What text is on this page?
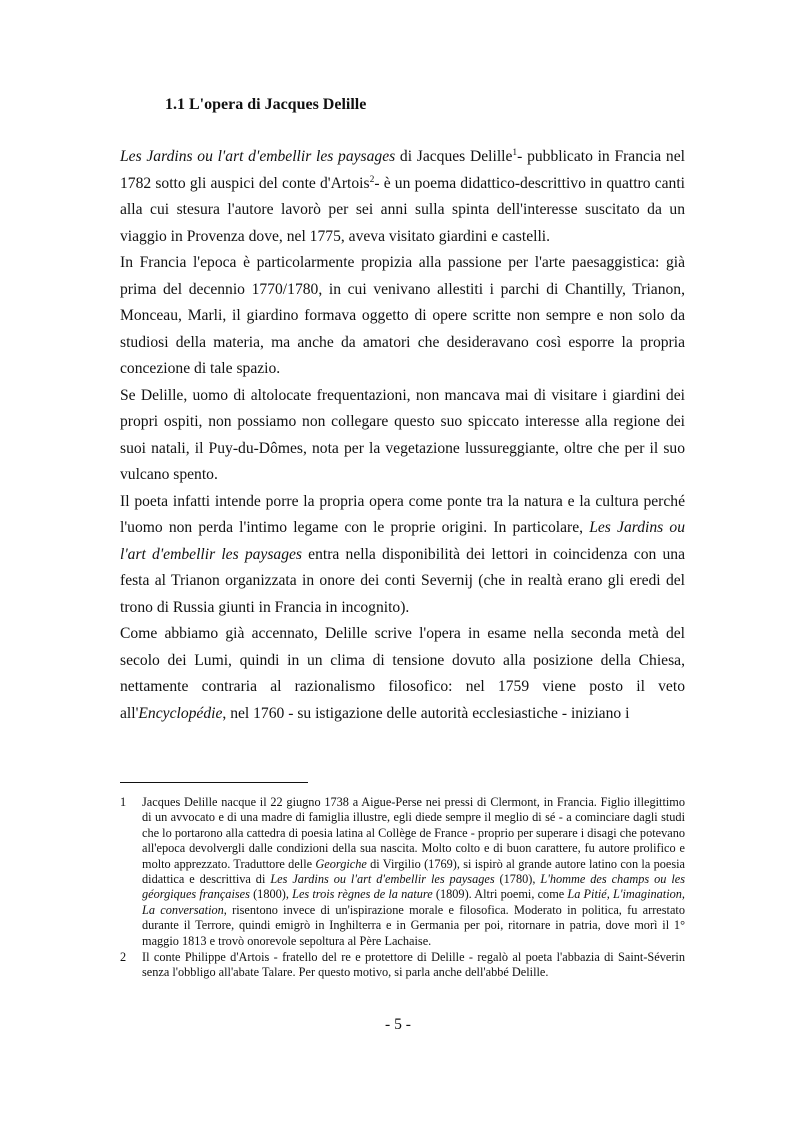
1.1 L'opera di Jacques Delille

Les Jardins ou l'art d'embellir les paysages di Jacques Delille$^1$- pubblicato in Francia nel 1782 sotto gli auspici del conte d'Artois$^2$- è un poema didattico-descrittivo in quattro canti alla cui stesura l'autore lavorò per sei anni sulla spinta dell'interesse suscitato da un viaggio in Provenza dove, nel 1775, aveva visitato giardini e castelli.

In Francia l'epoca è particolarmente propizia alla passione per l'arte paesaggistica: già prima del decennio 1770/1780, in cui venivano allestiti i parchi di Chantilly, Trianon, Monceau, Marli, il giardino formava oggetto di opere scritte non sempre e non solo da studiosi della materia, ma anche da amatori che desideravano così esporre la propria concezione di tale spazio.

Se Delille, uomo di altolocate frequentazioni, non mancava mai di visitare i giardini dei propri ospiti, non possiamo non collegare questo suo spiccato interesse alla regione dei suoi natali, il Puy-du-Dômes, nota per la vegetazione lussureggiante, oltre che per il suo vulcano spento.

Il poeta infatti intende porre la propria opera come ponte tra la natura e la cultura perché l'uomo non perda l'intimo legame con le proprie origini. In particolare, Les Jardins ou l'art d'embellir les paysages entra nella disponibilità dei lettori in coincidenza con una festa al Trianon organizzata in onore dei conti Severnij (che in realtà erano gli eredi del trono di Russia giunti in Francia in incognito).

Come abbiamo già accennato, Delille scrive l'opera in esame nella seconda metà del secolo dei Lumi, quindi in un clima di tensione dovuto alla posizione della Chiesa, nettamente contraria al razionalismo filosofico: nel 1759 viene posto il veto all'Encyclopédie, nel 1760 - su istigazione delle autorità ecclesiastiche - iniziano i

1	Jacques Delille nacque il 22 giugno 1738 a Aigue-Perse nei pressi di Clermont, in Francia. Figlio illegittimo di un avvocato e di una madre di famiglia illustre, egli diede sempre il meglio di sé - a cominciare dagli studi che lo portarono alla cattedra di poesia latina al Collège de France - proprio per superare i disagi che potevano all'epoca devolvergli dalle condizioni della sua nascita. Molto colto e di buon carattere, fu autore prolifico e molto apprezzato. Traduttore delle Georgiche di Virgilio (1769), si ispirò al grande autore latino con la poesia didattica e descrittiva di Les Jardins ou l'art d'embellir les paysages (1780), L'homme des champs ou les géorgiques françaises (1800), Les trois règnes de la nature (1809). Altri poemi, come La Pitié, L'imagination, La conversation, risentono invece di un'ispirazione morale e filosofica. Moderato in politica, fu arrestato durante il Terrore, quindi emigrò in Inghilterra e in Germania per poi, ritornare in patria, dove morì il 1° maggio 1813 e trovò onorevole sepoltura al Père Lachaise.
2	Il conte Philippe d'Artois - fratello del re e protettore di Delille - regalò al poeta l'abbazia di Saint-Séverin senza l'obbligo all'abate Talare. Per questo motivo, si parla anche dell'abbé Delille.

- 5 -
